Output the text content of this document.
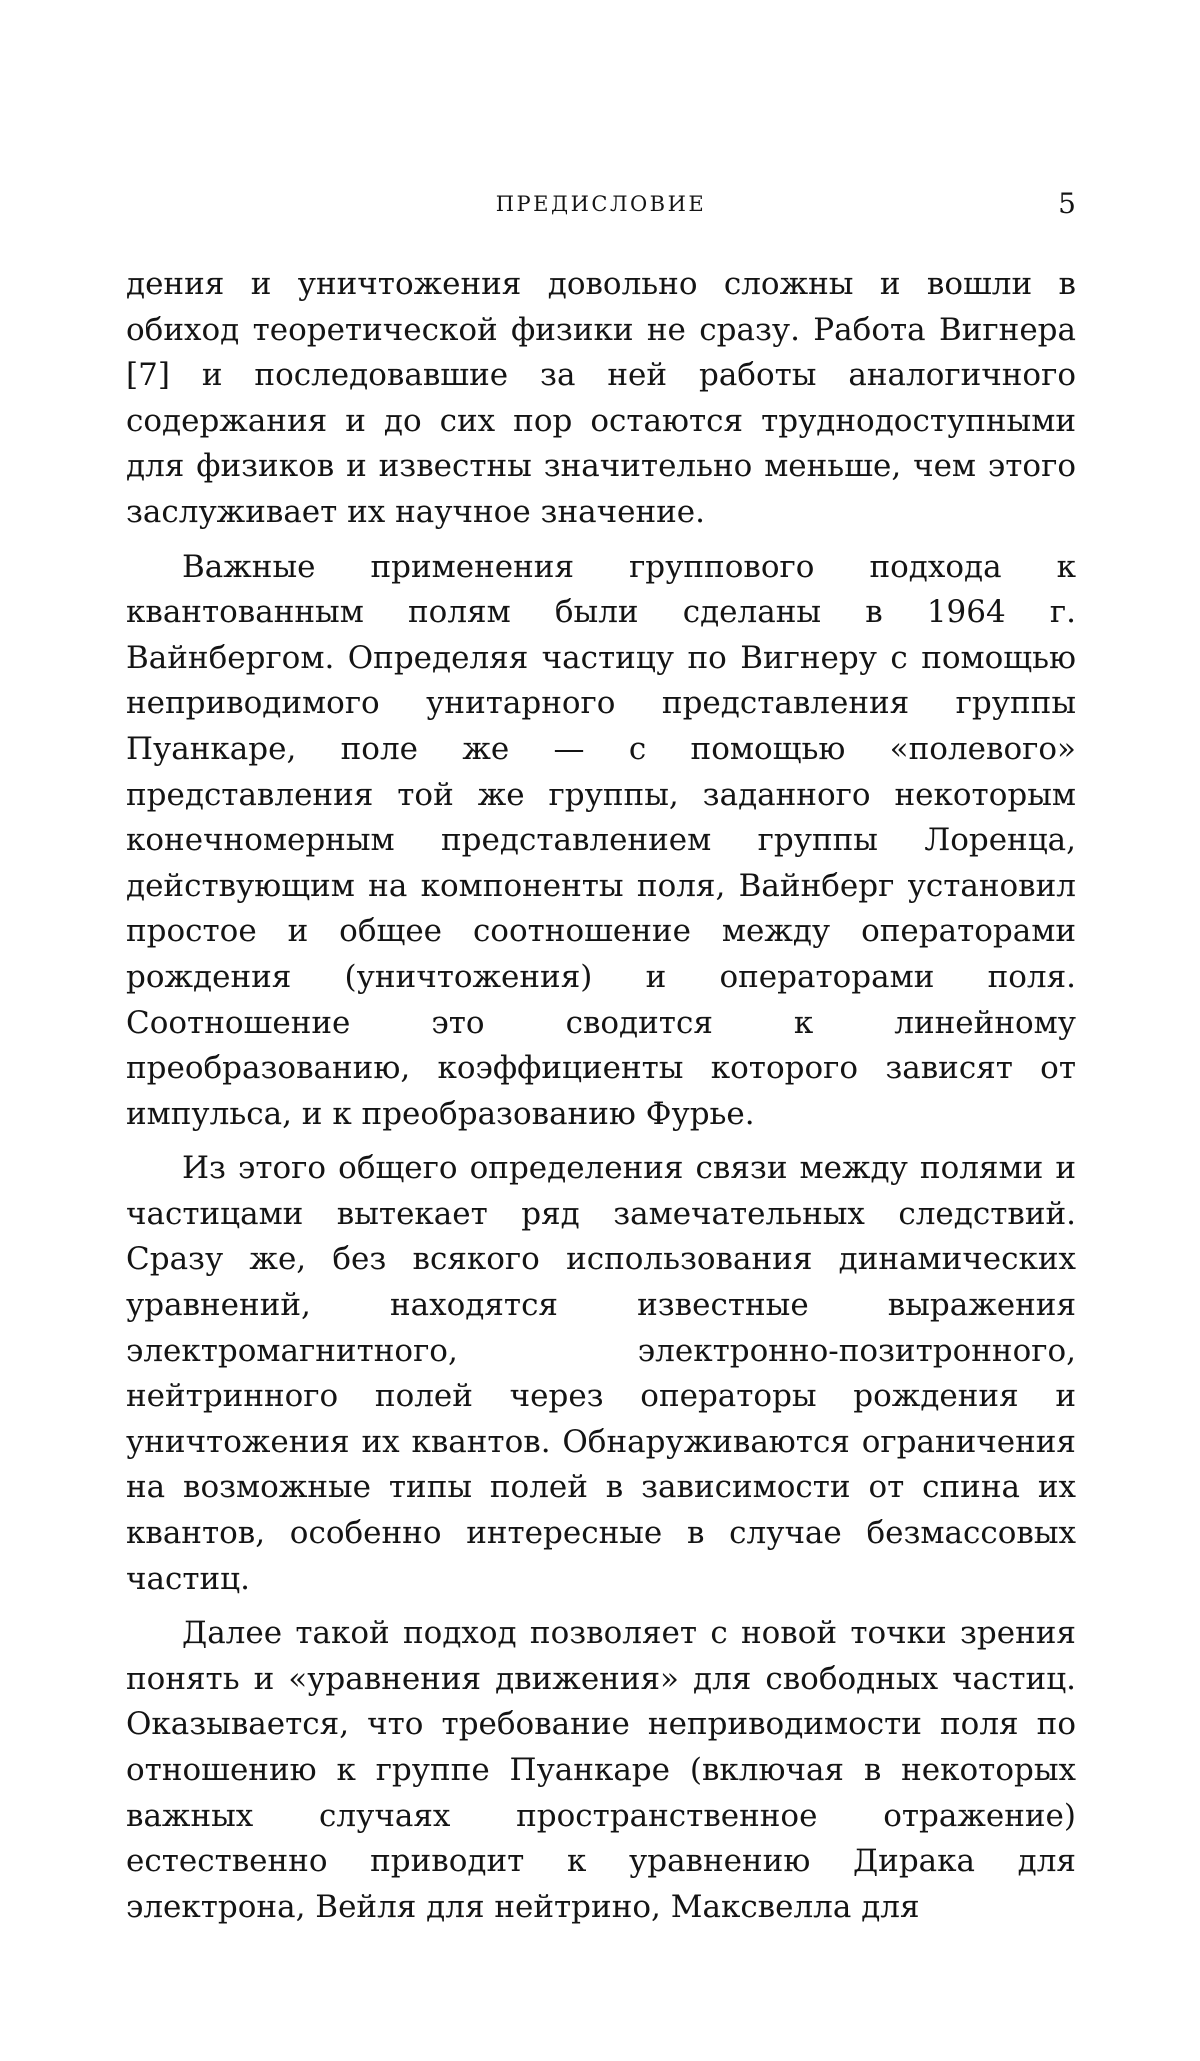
ПРЕДИСЛОВИЕ	5

дения и уничтожения довольно сложны и вошли в обиход теоретической физики не сразу. Работа Вигнера [7] и последовавшие за ней работы аналогичного содержания и до сих пор остаются труднодоступными для физиков и известны значительно меньше, чем этого заслуживает их научное значение.

Важные применения группового подхода к квантованным полям были сделаны в 1964 г. Вайнбергом. Определяя частицу по Вигнеру с помощью неприводимого унитарного представления группы Пуанкаре, поле же — с помощью «полевого» представления той же группы, заданного некоторым конечномерным представлением группы Лоренца, действующим на компоненты поля, Вайнберг установил простое и общее соотношение между операторами рождения (уничтожения) и операторами поля. Соотношение это сводится к линейному преобразованию, коэффициенты которого зависят от импульса, и к преобразованию Фурье.

Из этого общего определения связи между полями и частицами вытекает ряд замечательных следствий. Сразу же, без всякого использования динамических уравнений, находятся известные выражения электромагнитного, электронно-позитронного, нейтринного полей через операторы рождения и уничтожения их квантов. Обнаруживаются ограничения на возможные типы полей в зависимости от спина их квантов, особенно интересные в случае безмассовых частиц.

Далее такой подход позволяет с новой точки зрения понять и «уравнения движения» для свободных частиц. Оказывается, что требование неприводимости поля по отношению к группе Пуанкаре (включая в некоторых важных случаях пространственное отражение) естественно приводит к уравнению Дирака для электрона, Вейля для нейтрино, Максвелла для
